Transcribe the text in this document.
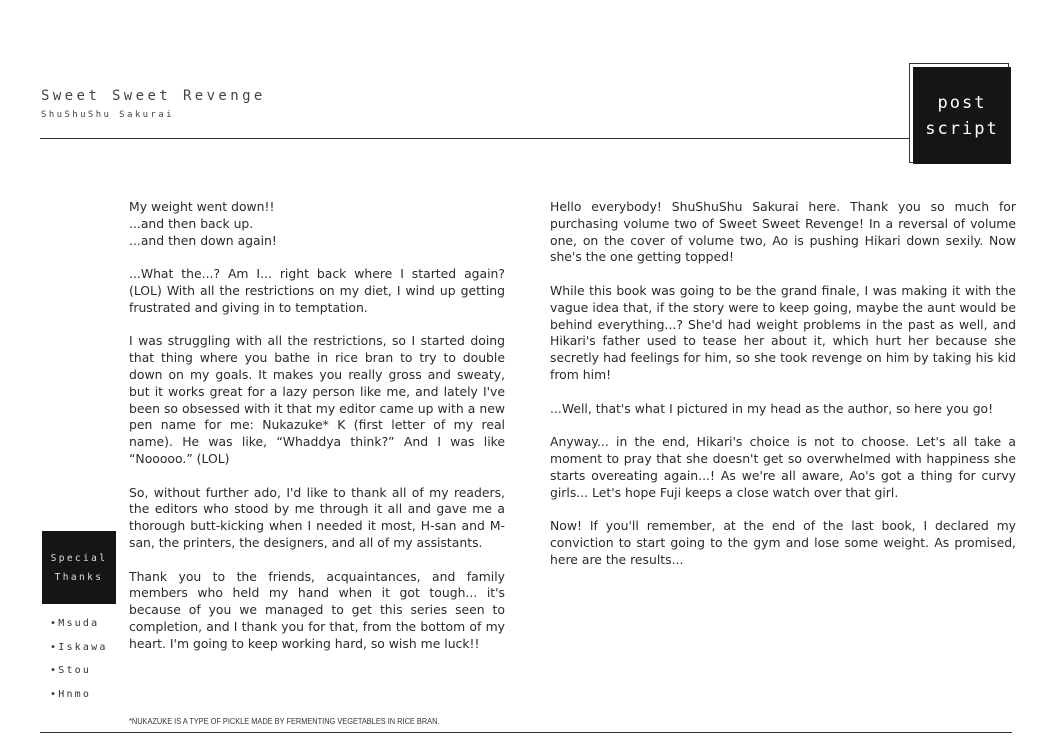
Sweet Sweet Revenge
ShuShuShu Sakurai
post
script

My weight went down!!

...and then back up.

...and then down again!

...What the...? Am I... right back where I started again? (LOL) With all the restrictions on my diet, I wind up getting frustrated and giving in to temptation.

I was struggling with all the restrictions, so I started doing that thing where you bathe in rice bran to try to double down on my goals. It makes you really gross and sweaty, but it works great for a lazy person like me, and lately I've been so obsessed with it that my editor came up with a new pen name for me: Nukazuke* K (first letter of my real name). He was like, “Whaddya think?” And I was like “Nooooo.” (LOL)

So, without further ado, I'd like to thank all of my readers, the editors who stood by me through it all and gave me a thorough butt-kicking when I needed it most, H-san and M-san, the printers, the designers, and all of my assistants.

Thank you to the friends, acquaintances, and family members who held my hand when it got tough... it's because of you we managed to get this series seen to completion, and I thank you for that, from the bottom of my heart. I'm going to keep working hard, so wish me luck!!

Hello everybody! ShuShuShu Sakurai here. Thank you so much for purchasing volume two of Sweet Sweet Revenge! In a reversal of volume one, on the cover of volume two, Ao is pushing Hikari down sexily. Now she's the one getting topped!

While this book was going to be the grand finale, I was making it with the vague idea that, if the story were to keep going, maybe the aunt would be behind everything...? She'd had weight problems in the past as well, and Hikari's father used to tease her about it, which hurt her because she secretly had feelings for him, so she took revenge on him by taking his kid from him!

...Well, that's what I pictured in my head as the author, so here you go!

Anyway... in the end, Hikari's choice is not to choose. Let's all take a moment to pray that she doesn't get so overwhelmed with happiness she starts overeating again...! As we're all aware, Ao's got a thing for curvy girls... Let's hope Fuji keeps a close watch over that girl.

Now! If you'll remember, at the end of the last book, I declared my conviction to start going to the gym and lose some weight. As promised, here are the results...

Special
Thanks
•Msuda
•Iskawa
•Stou
•Hnmo
*NUKAZUKE IS A TYPE OF PICKLE MADE BY FERMENTING VEGETABLES IN RICE BRAN.
